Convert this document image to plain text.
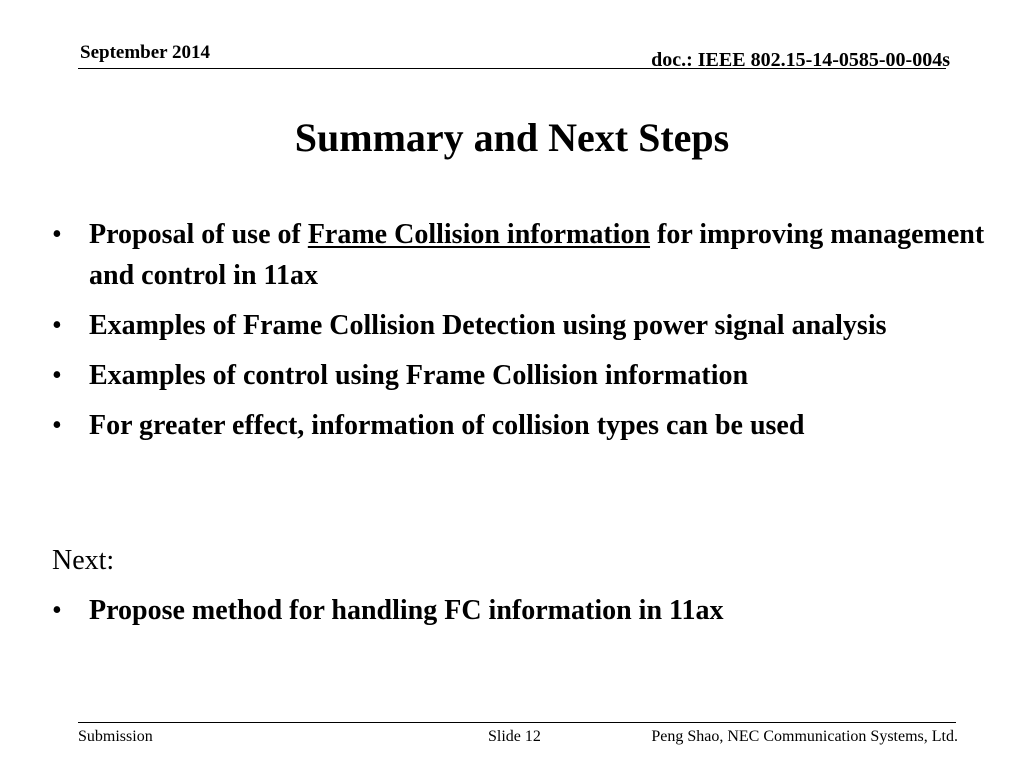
September 2014	doc.: IEEE 802.15-14-0585-00-004s
Summary and Next Steps
• Proposal of use of Frame Collision information for improving management and control in 11ax
• Examples of Frame Collision Detection using power signal analysis
• Examples of control using Frame Collision information
• For greater effect, information of collision types can be used
Next:
• Propose method for handling FC information in 11ax
Submission	Slide 12	Peng Shao, NEC Communication Systems, Ltd.
